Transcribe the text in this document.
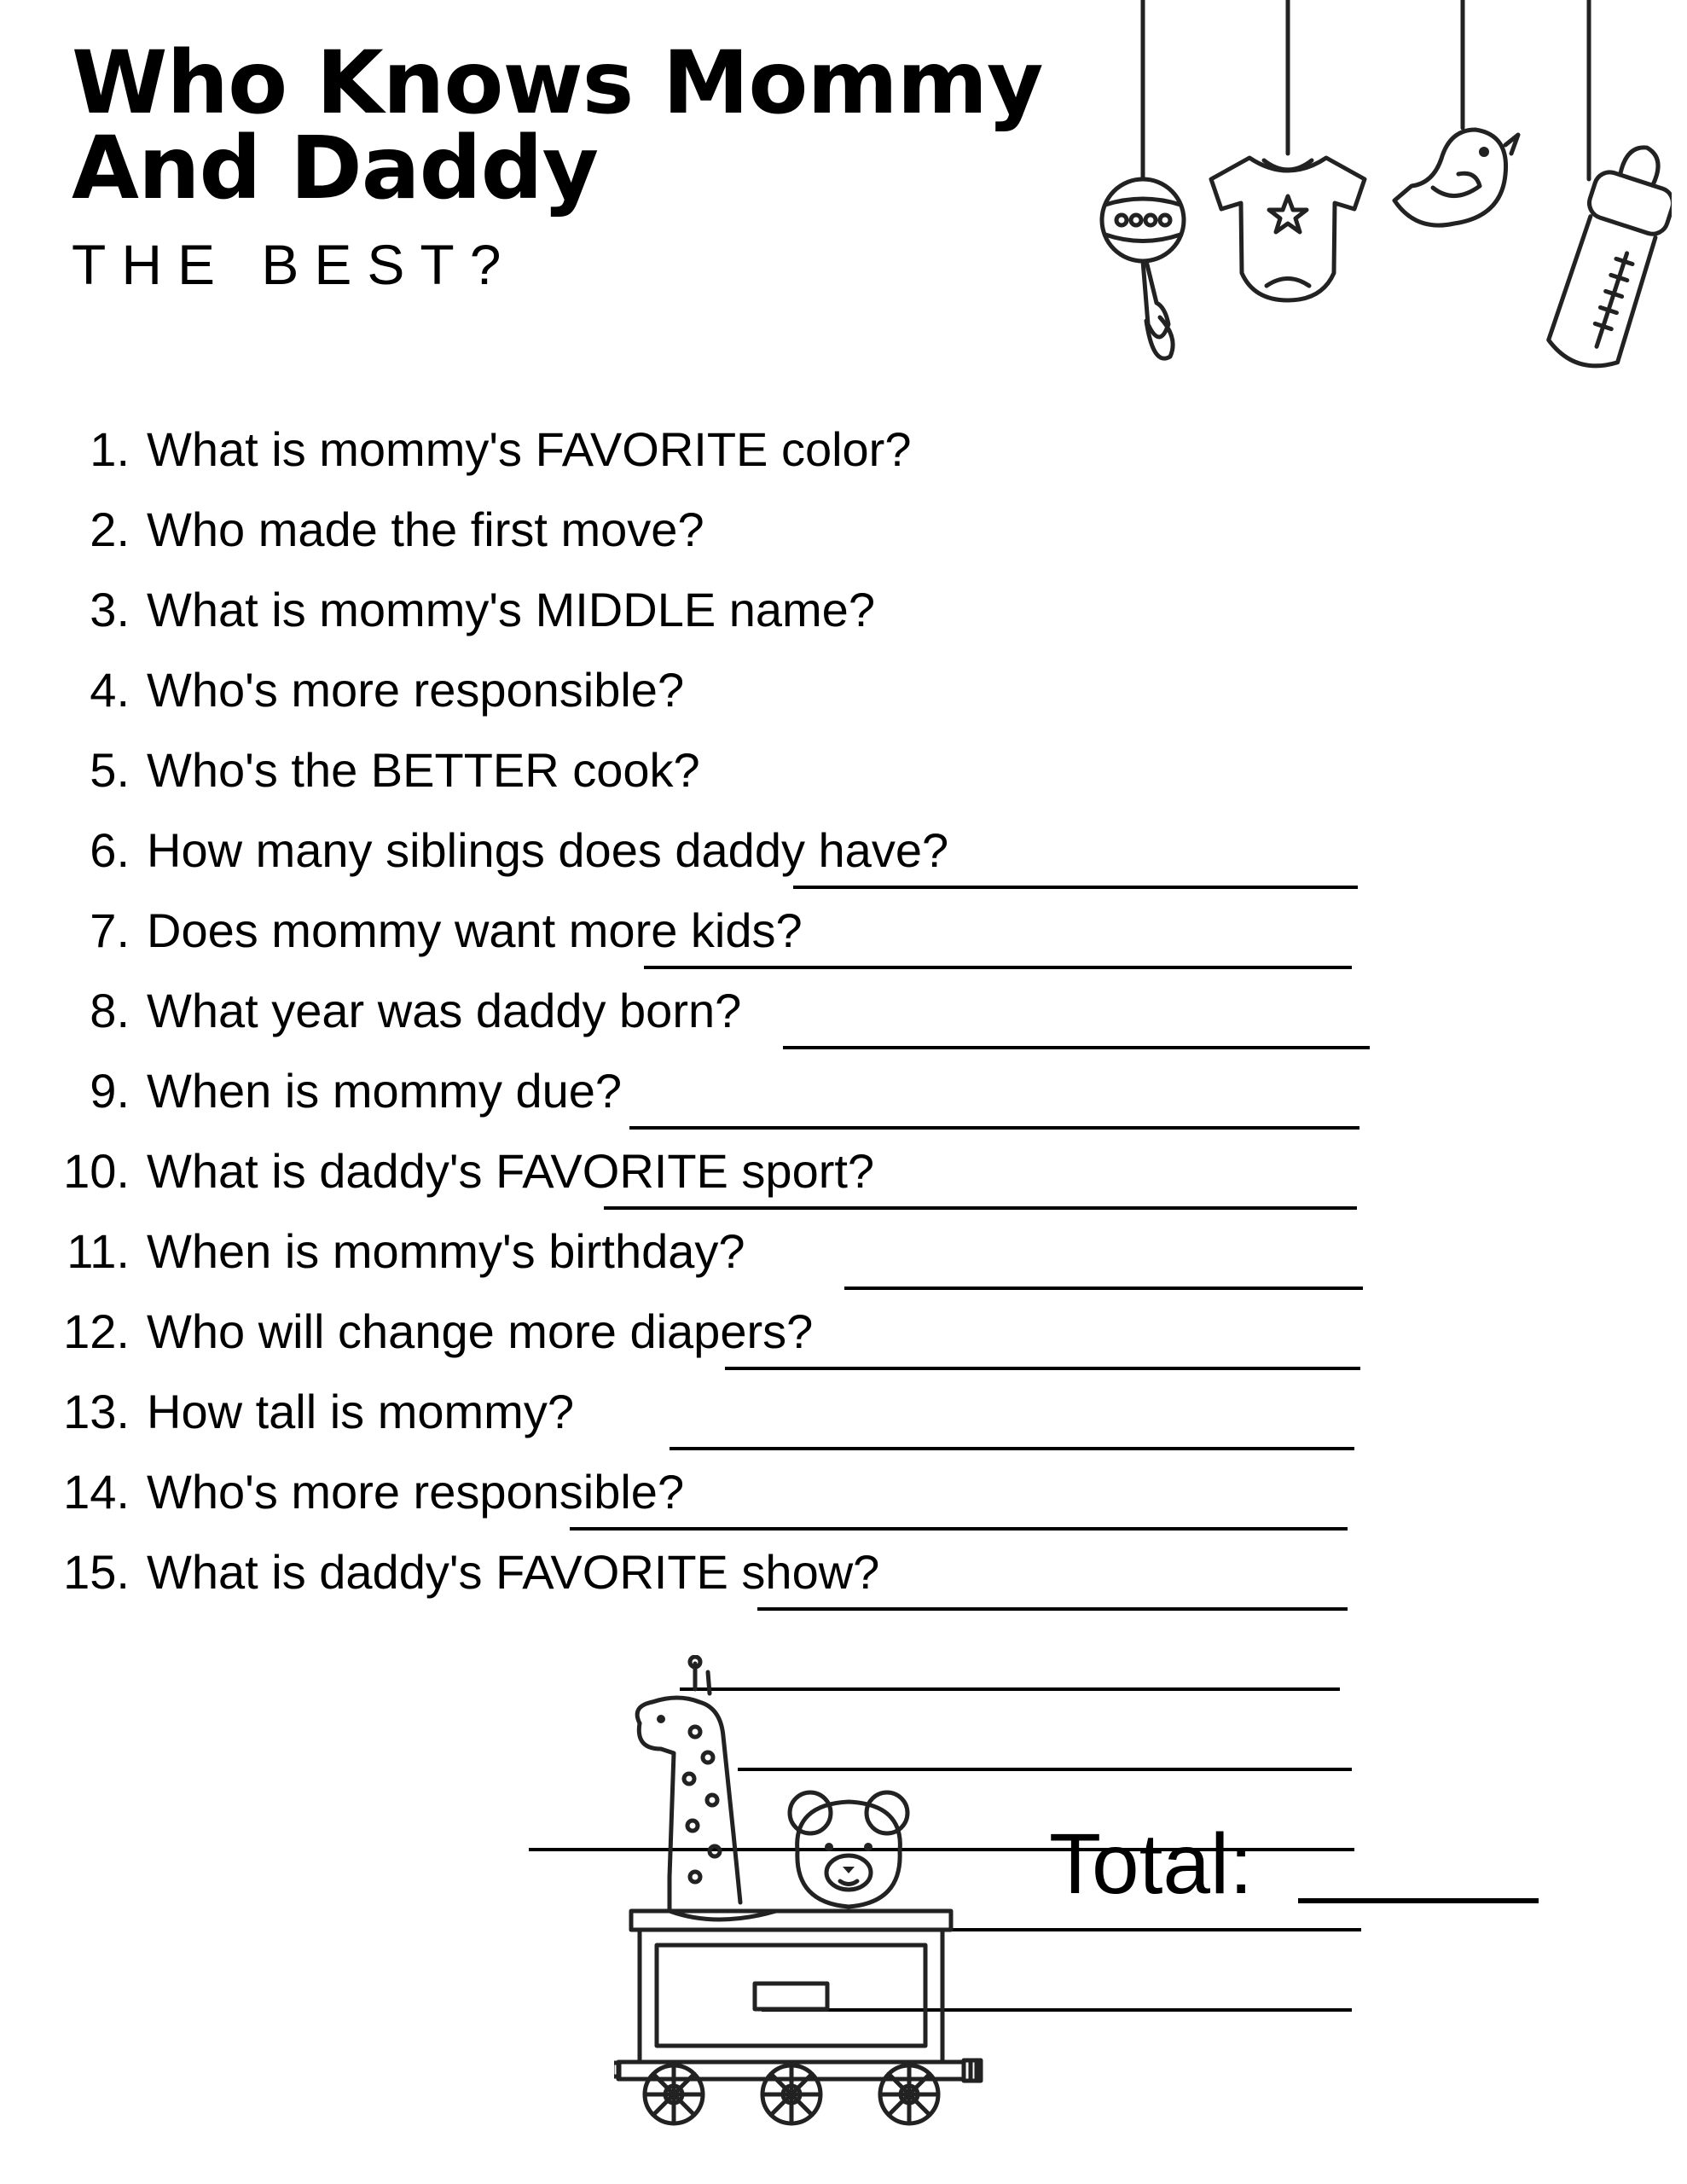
Who Knows Mommy
And Daddy

THE BEST?

1. What is mommy's FAVORITE color?
2. Who made the first move?
3. What is mommy's MIDDLE name?
4. Who's more responsible?
5. Who's the BETTER cook?
6. How many siblings does daddy have?
7. Does mommy want more kids?
8. What year was daddy born?
9. When is mommy due?
10. What is daddy's FAVORITE sport?
11. When is mommy's birthday?
12. Who will change more diapers?
13. How tall is mommy?
14. Who's more responsible?
15. What is daddy's FAVORITE show?
Total:
